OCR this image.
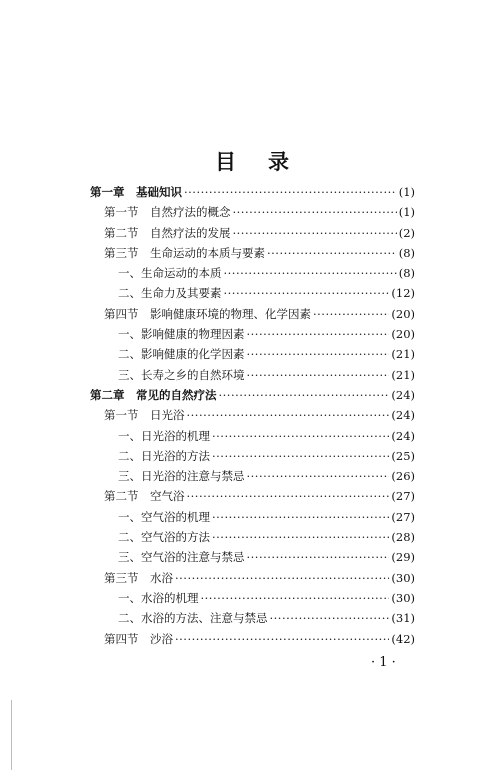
目 录
第一章　基础知识 ·····	(1)
第一节　自然疗法的概念 ·····	(1)
第二节　自然疗法的发展 ·····	(2)
第三节　生命运动的本质与要素 ·····	(8)
一、生命运动的本质 ·····	(8)
二、生命力及其要素 ·····	(12)
第四节　影响健康环境的物理、化学因素 ·····	(20)
一、影响健康的物理因素 ·····	(20)
二、影响健康的化学因素 ·····	(21)
三、长寿之乡的自然环境 ·····	(21)
第二章　常见的自然疗法 ·····	(24)
第一节　日光浴 ·····	(24)
一、日光浴的机理 ·····	(24)
二、日光浴的方法 ·····	(25)
三、日光浴的注意与禁忌 ·····	(26)
第二节　空气浴 ·····	(27)
一、空气浴的机理 ·····	(27)
二、空气浴的方法 ·····	(28)
三、空气浴的注意与禁忌 ·····	(29)
第三节　水浴 ·····	(30)
一、水浴的机理 ·····	(30)
二、水浴的方法、注意与禁忌 ·····	(31)
第四节　沙浴 ·····	(42)
· 1 ·
